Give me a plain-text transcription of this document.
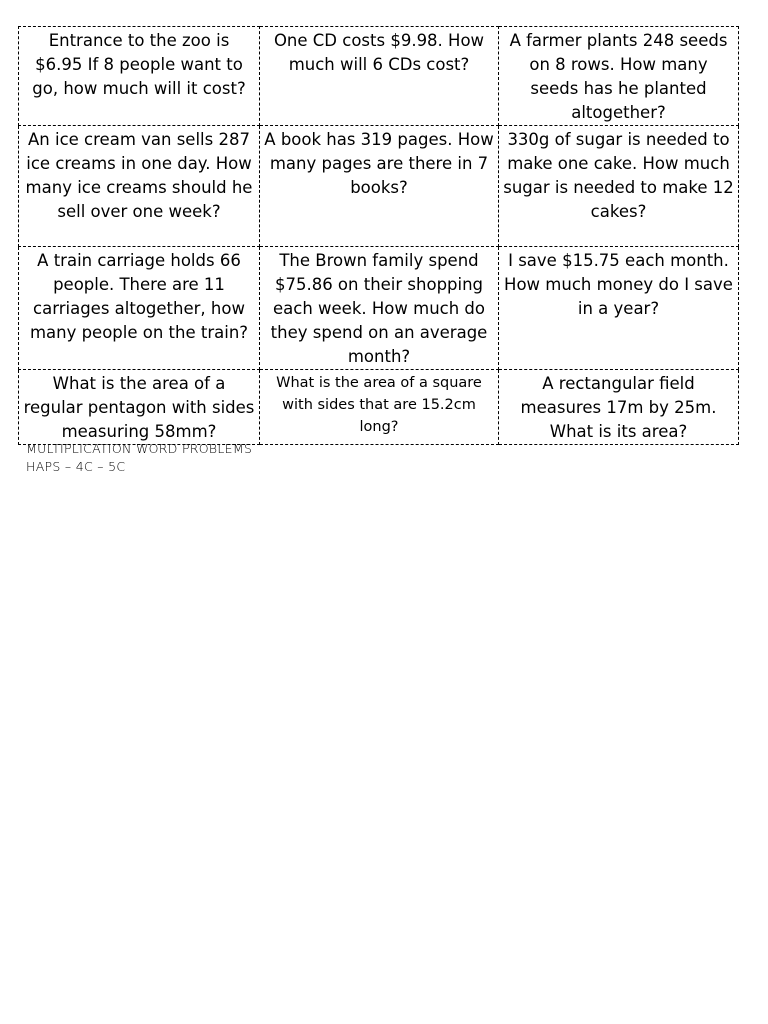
Entrance to the zoo is $6.95 If 8 people want to go, how much will it cost?	One CD costs $9.98. How much will 6 CDs cost?	A farmer plants 248 seeds on 8 rows. How many seeds has he planted altogether?
An ice cream van sells 287 ice creams in one day. How many ice creams should he sell over one week?	A book has 319 pages. How many pages are there in 7 books?	330g of sugar is needed to make one cake. How much sugar is needed to make 12 cakes?
A train carriage holds 66 people. There are 11 carriages altogether, how many people on the train?	The Brown family spend $75.86 on their shopping each week. How much do they spend on an average month?	I save $15.75 each month. How much money do I save in a year?
What is the area of a regular pentagon with sides measuring 58mm?	What is the area of a square with sides that are 15.2cm long?	A rectangular field measures 17m by 25m. What is its area?
MULTIPLICATION WORD PROBLEMS
HAPS – 4C – 5C
